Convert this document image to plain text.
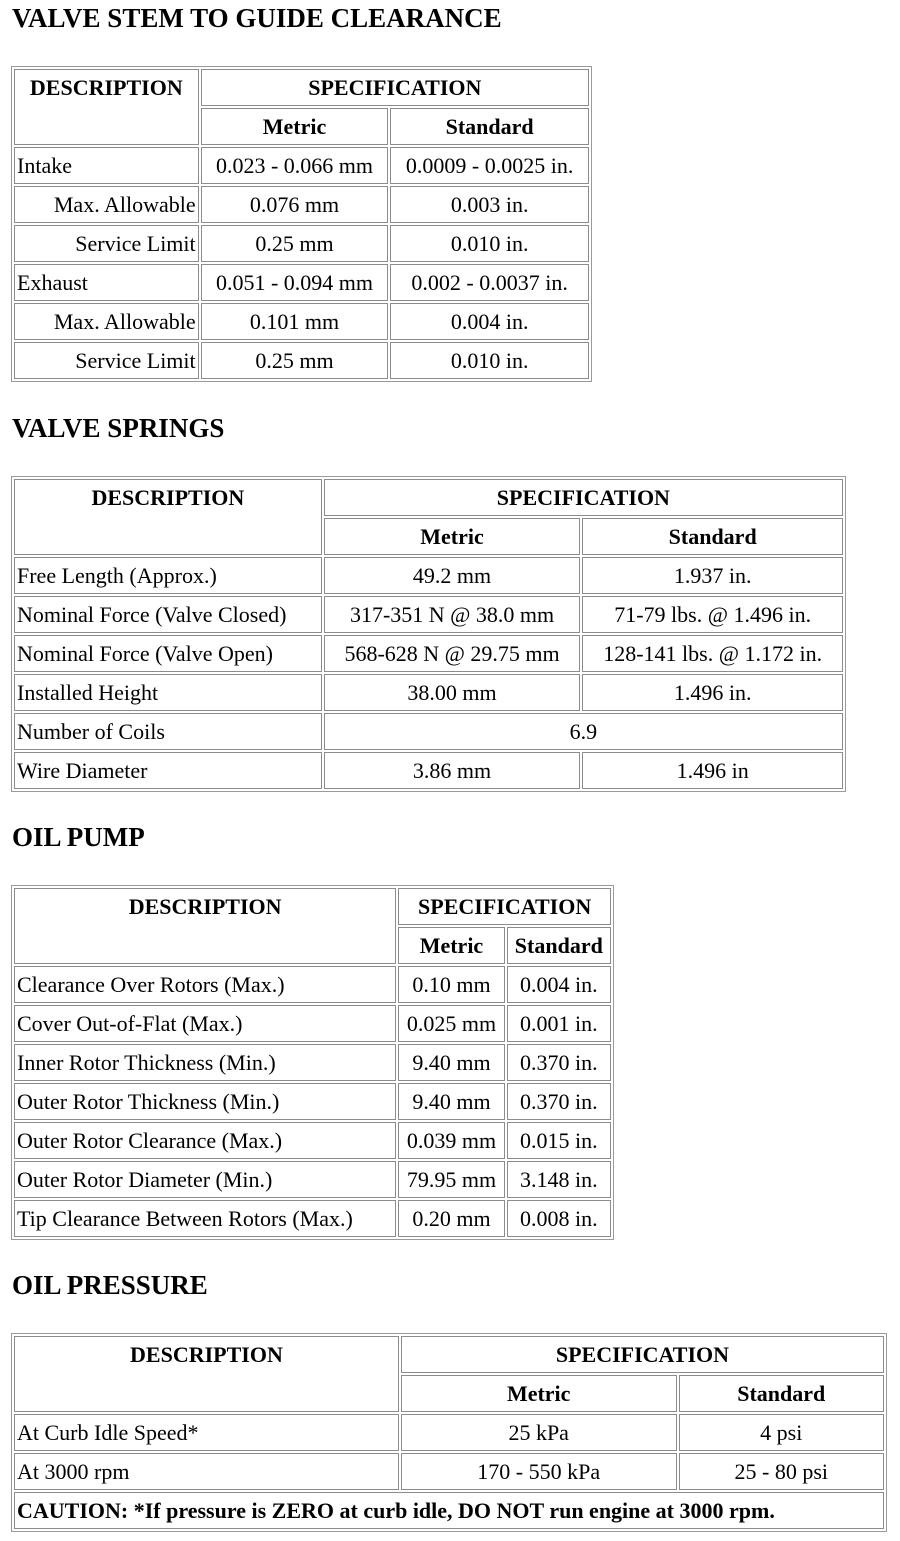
VALVE STEM TO GUIDE CLEARANCE
DESCRIPTION	SPECIFICATION	
	Metric	Standard
Intake	0.023 - 0.066 mm	0.0009 - 0.0025 in.
Max. Allowable	0.076 mm	0.003 in.
Service Limit	0.25 mm	0.010 in.
Exhaust	0.051 - 0.094 mm	0.002 - 0.0037 in.
Max. Allowable	0.101 mm	0.004 in.
Service Limit	0.25 mm	0.010 in.
VALVE SPRINGS
DESCRIPTION	SPECIFICATION	
	Metric	Standard
Free Length (Approx.)	49.2 mm	1.937 in.
Nominal Force (Valve Closed)	317-351 N @ 38.0 mm	71-79 lbs. @ 1.496 in.
Nominal Force (Valve Open)	568-628 N @ 29.75 mm	128-141 lbs. @ 1.172 in.
Installed Height	38.00 mm	1.496 in.
Number of Coils	6.9	
Wire Diameter	3.86 mm	1.496 in
OIL PUMP
DESCRIPTION	SPECIFICATION	
	Metric	Standard
Clearance Over Rotors (Max.)	0.10 mm	0.004 in.
Cover Out-of-Flat (Max.)	0.025 mm	0.001 in.
Inner Rotor Thickness (Min.)	9.40 mm	0.370 in.
Outer Rotor Thickness (Min.)	9.40 mm	0.370 in.
Outer Rotor Clearance (Max.)	0.039 mm	0.015 in.
Outer Rotor Diameter (Min.)	79.95 mm	3.148 in.
Tip Clearance Between Rotors (Max.)	0.20 mm	0.008 in.
OIL PRESSURE
DESCRIPTION	SPECIFICATION	
	Metric	Standard
At Curb Idle Speed*	25 kPa	4 psi
At 3000 rpm	170 - 550 kPa	25 - 80 psi
CAUTION: *If pressure is ZERO at curb idle, DO NOT run engine at 3000 rpm.		
